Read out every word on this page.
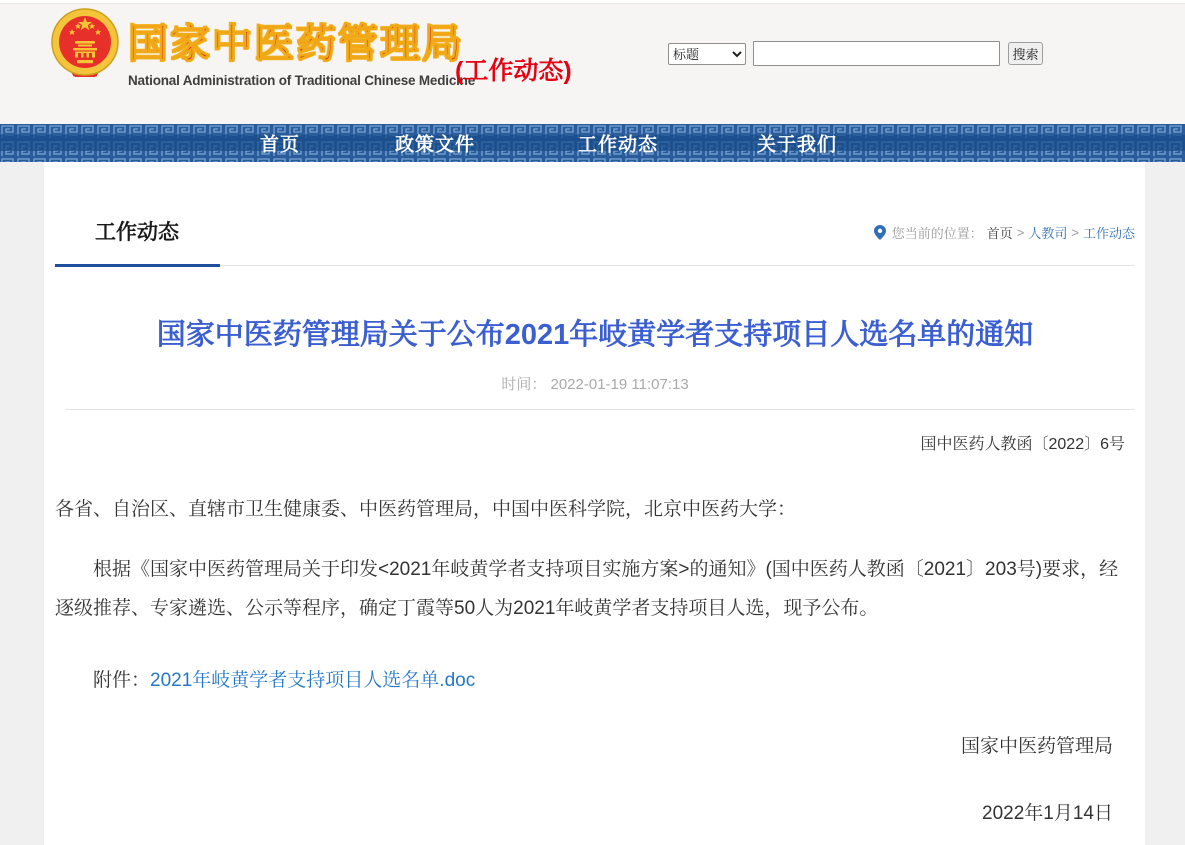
国家中医药管理局
National Administration of Traditional Chinese Medicine
(工作动态)
标题
搜索
首页	政策文件	工作动态	关于我们
工作动态	您当前的位置： 首页 > 人教司 > 工作动态
国家中医药管理局关于公布2021年岐黄学者支持项目人选名单的通知
时间： 2022-01-19 11:07:13
国中医药人教函〔2022〕6号

各省、自治区、直辖市卫生健康委、中医药管理局，中国中医科学院，北京中医药大学：

根据《国家中医药管理局关于印发<2021年岐黄学者支持项目实施方案>的通知》(国中医药人教函〔2021〕203号)要求，经逐级推荐、专家遴选、公示等程序，确定丁霞等50人为2021年岐黄学者支持项目人选，现予公布。

附件：2021年岐黄学者支持项目人选名单.doc
国家中医药管理局
2022年1月14日
